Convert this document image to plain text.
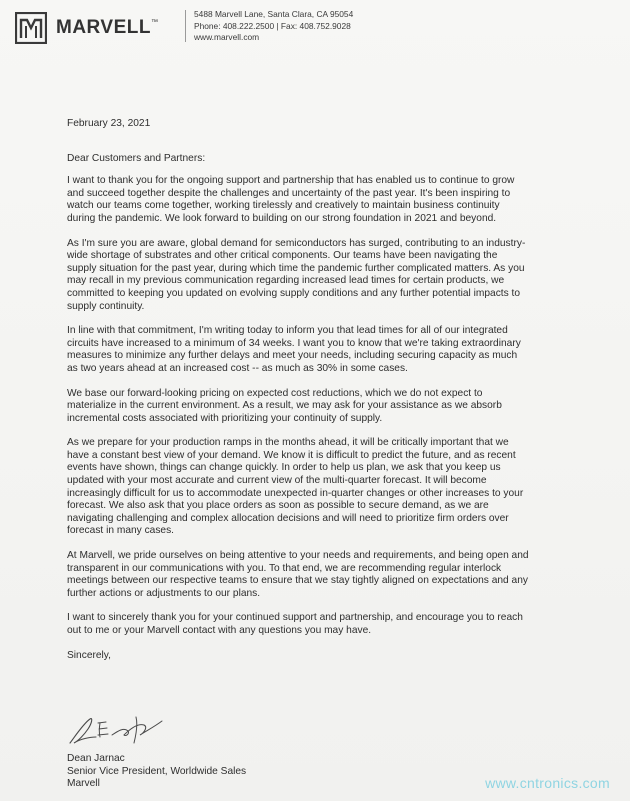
MARVELL™
5488 Marvell Lane, Santa Clara, CA 95054
Phone: 408.222.2500 | Fax: 408.752.9028
www.marvell.com
February 23, 2021
Dear Customers and Partners:
I want to thank you for the ongoing support and partnership that has enabled us to continue to grow
and succeed together despite the challenges and uncertainty of the past year. It's been inspiring to
watch our teams come together, working tirelessly and creatively to maintain business continuity
during the pandemic. We look forward to building on our strong foundation in 2021 and beyond.
As I'm sure you are aware, global demand for semiconductors has surged, contributing to an industry-
wide shortage of substrates and other critical components. Our teams have been navigating the
supply situation for the past year, during which time the pandemic further complicated matters. As you
may recall in my previous communication regarding increased lead times for certain products, we
committed to keeping you updated on evolving supply conditions and any further potential impacts to
supply continuity.
In line with that commitment, I'm writing today to inform you that lead times for all of our integrated
circuits have increased to a minimum of 34 weeks. I want you to know that we're taking extraordinary
measures to minimize any further delays and meet your needs, including securing capacity as much
as two years ahead at an increased cost -- as much as 30% in some cases.
We base our forward-looking pricing on expected cost reductions, which we do not expect to
materialize in the current environment. As a result, we may ask for your assistance as we absorb
incremental costs associated with prioritizing your continuity of supply.
As we prepare for your production ramps in the months ahead, it will be critically important that we
have a constant best view of your demand. We know it is difficult to predict the future, and as recent
events have shown, things can change quickly. In order to help us plan, we ask that you keep us
updated with your most accurate and current view of the multi-quarter forecast. It will become
increasingly difficult for us to accommodate unexpected in-quarter changes or other increases to your
forecast. We also ask that you place orders as soon as possible to secure demand, as we are
navigating challenging and complex allocation decisions and will need to prioritize firm orders over
forecast in many cases.
At Marvell, we pride ourselves on being attentive to your needs and requirements, and being open and
transparent in our communications with you. To that end, we are recommending regular interlock
meetings between our respective teams to ensure that we stay tightly aligned on expectations and any
further actions or adjustments to our plans.
I want to sincerely thank you for your continued support and partnership, and encourage you to reach
out to me or your Marvell contact with any questions you may have.
Sincerely,
Dean Jarnac
Senior Vice President, Worldwide Sales
Marvell	www.cntronics.com
